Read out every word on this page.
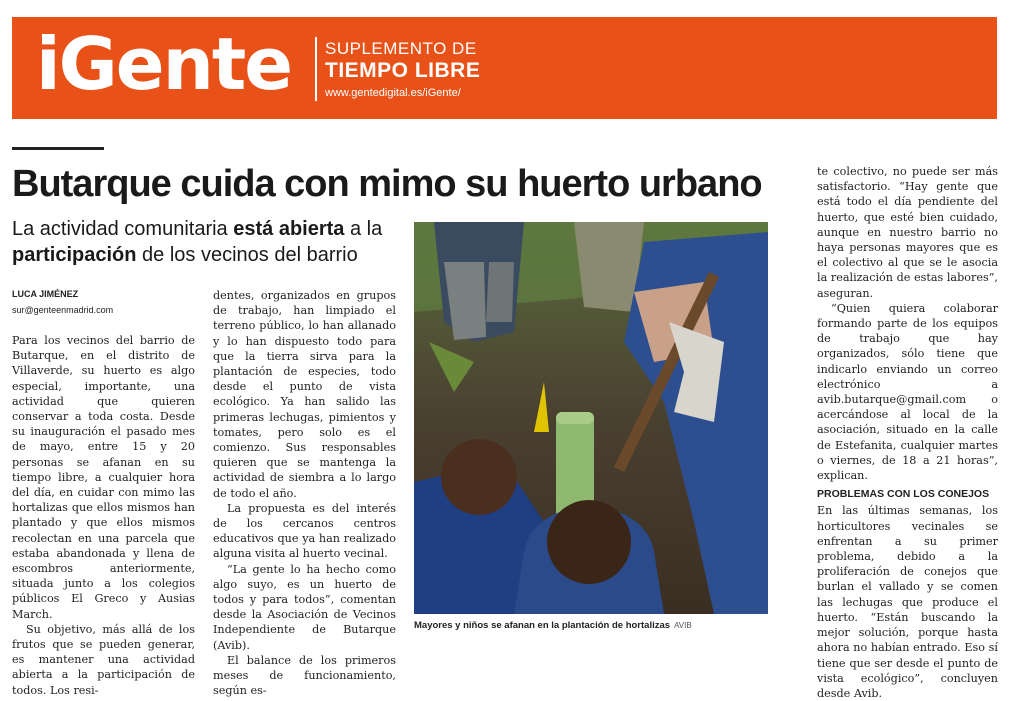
iGente SUPLEMENTO DE
TIEMPO LIBRE
www.gentedigital.es/iGente/
Butarque cuida con mimo su huerto urbano
La actividad comunitaria está abierta a la participación de los vecinos del barrio
LUCA JIMÉNEZ
sur@genteenmadrid.com

Para los vecinos del barrio de Butarque, en el distrito de Villaverde, su huerto es algo especial, importante, una actividad que quieren conservar a toda costa. Desde su inauguración el pasado mes de mayo, entre 15 y 20 personas se afanan en su tiempo libre, a cualquier hora del día, en cuidar con mimo las hortalizas que ellos mismos han plantado y que ellos mismos recolectan en una parcela que estaba abandonada y llena de escombros anteriormente, situada junto a los colegios públicos El Greco y Ausias March.

Su objetivo, más allá de los frutos que se pueden generar, es mantener una actividad abierta a la participación de todos. Los resi-

dentes, organizados en grupos de trabajo, han limpiado el terreno público, lo han allanado y lo han dispuesto todo para que la tierra sirva para la plantación de especies, todo desde el punto de vista ecológico. Ya han salido las primeras lechugas, pimientos y tomates, pero solo es el comienzo. Sus responsables quieren que se mantenga la actividad de siembra a lo largo de todo el año.

La propuesta es del interés de los cercanos centros educativos que ya han realizado alguna visita al huerto vecinal.

“La gente lo ha hecho como algo suyo, es un huerto de todos y para todos”, comentan desde la Asociación de Vecinos Independiente de Butarque (Avib).

El balance de los primeros meses de funcionamiento, según es-

Mayores y niños se afanan en la plantación de hortalizas AVIB

te colectivo, no puede ser más satisfactorio. “Hay gente que está todo el día pendiente del huerto, que esté bien cuidado, aunque en nuestro barrio no haya personas mayores que es el colectivo al que se le asocia la realización de estas labores”, aseguran.

“Quien quiera colaborar formando parte de los equipos de trabajo que hay organizados, sólo tiene que indicarlo enviando un correo electrónico a avib.butarque@gmail.com o acercándose al local de la asociación, situado en la calle de Estefanita, cualquier martes o viernes, de 18 a 21 horas”, explican.

PROBLEMAS CON LOS CONEJOS

En las últimas semanas, los horticultores vecinales se enfrentan a su primer problema, debido a la proliferación de conejos que burlan el vallado y se comen las lechugas que produce el huerto. “Están buscando la mejor solución, porque hasta ahora no habían entrado. Eso sí tiene que ser desde el punto de vista ecológico”, concluyen desde Avib.
